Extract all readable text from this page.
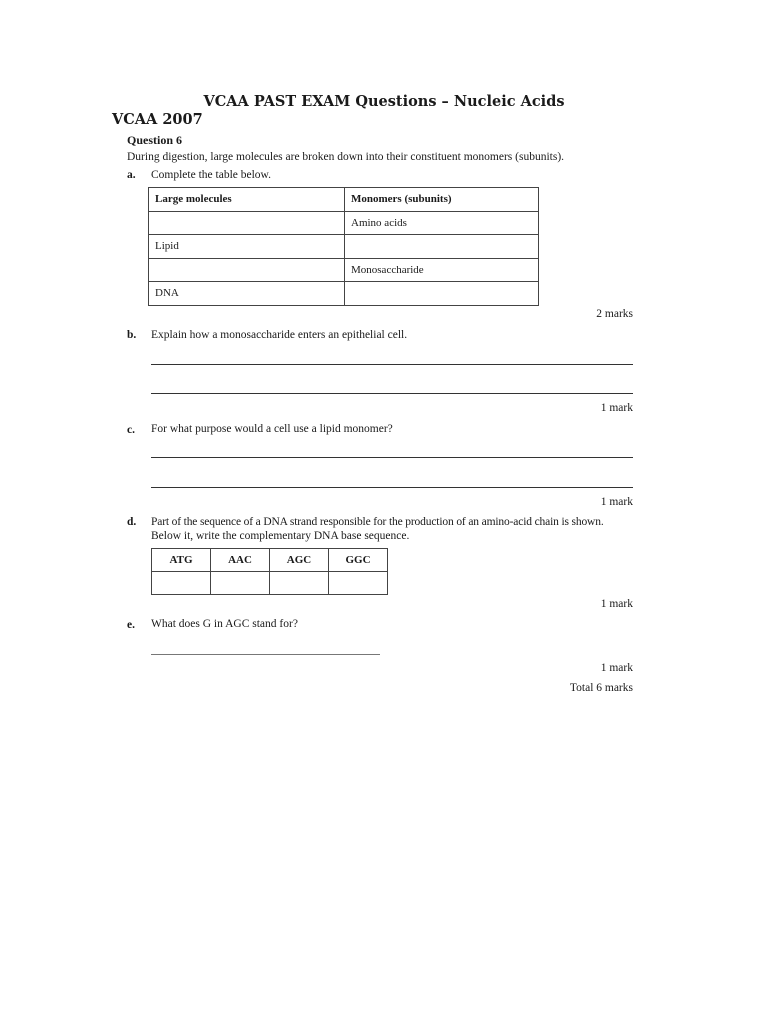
VCAA PAST EXAM Questions – Nucleic Acids
VCAA 2007
Question 6
During digestion, large molecules are broken down into their constituent monomers (subunits).
a. Complete the table below.
Large molecules	Monomers (subunits)
	Amino acids
Lipid	
	Monosaccharide
DNA	
2 marks
b. Explain how a monosaccharide enters an epithelial cell.
1 mark
c. For what purpose would a cell use a lipid monomer?
1 mark
d. Part of the sequence of a DNA strand responsible for the production of an amino-acid chain is shown.
Below it, write the complementary DNA base sequence.
ATG	AAC	AGC	GGC

1 mark
e. What does G in AGC stand for?
1 mark
Total 6 marks
